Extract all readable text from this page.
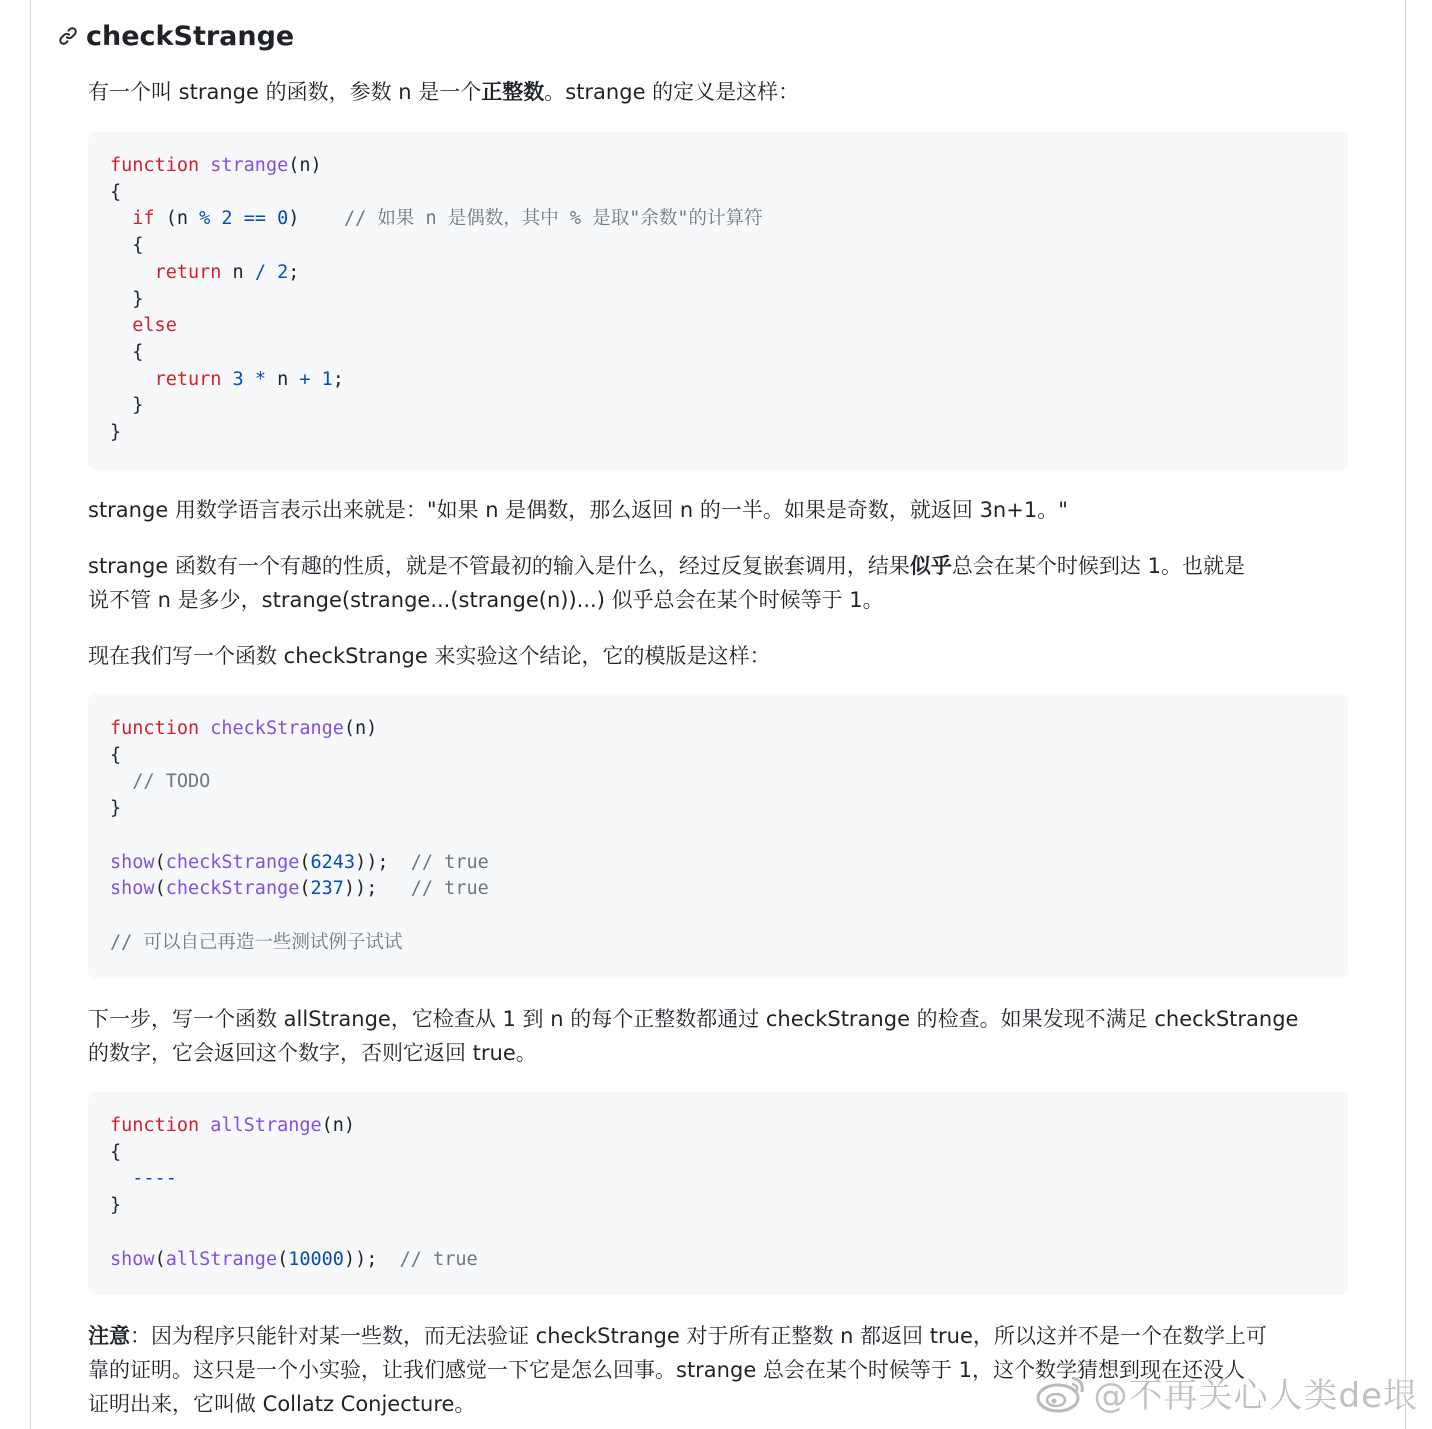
checkStrange

有一个叫 strange 的函数，参数 n 是一个正整数。strange 的定义是这样：

function strange(n)
{
if (n % 2 == 0) // 如果 n 是偶数，其中 % 是取"余数"的计算符
{
return n / 2;
}
else
{
return 3 * n + 1;
}
}

strange 用数学语言表示出来就是："如果 n 是偶数，那么返回 n 的一半。如果是奇数，就返回 3n+1。"

strange 函数有一个有趣的性质，就是不管最初的输入是什么，经过反复嵌套调用，结果似乎总会在某个时候到达 1。也就是
说不管 n 是多少，strange(strange...(strange(n))...) 似乎总会在某个时候等于 1。

现在我们写一个函数 checkStrange 来实验这个结论，它的模版是这样：

function checkStrange(n)
{
// TODO
}

show(checkStrange(6243)); // true
show(checkStrange(237)); // true

// 可以自己再造一些测试例子试试

下一步，写一个函数 allStrange，它检查从 1 到 n 的每个正整数都通过 checkStrange 的检查。如果发现不满足 checkStrange
的数字，它会返回这个数字，否则它返回 true。

function allStrange(n)
{
----
}

show(allStrange(10000)); // true

注意：因为程序只能针对某一些数，而无法验证 checkStrange 对于所有正整数 n 都返回 true，所以这并不是一个在数学上可
靠的证明。这只是一个小实验，让我们感觉一下它是怎么回事。strange 总会在某个时候等于 1，这个数学猜想到现在还没人
证明出来，它叫做 Collatz Conjecture。	@不再关心人类de垠
